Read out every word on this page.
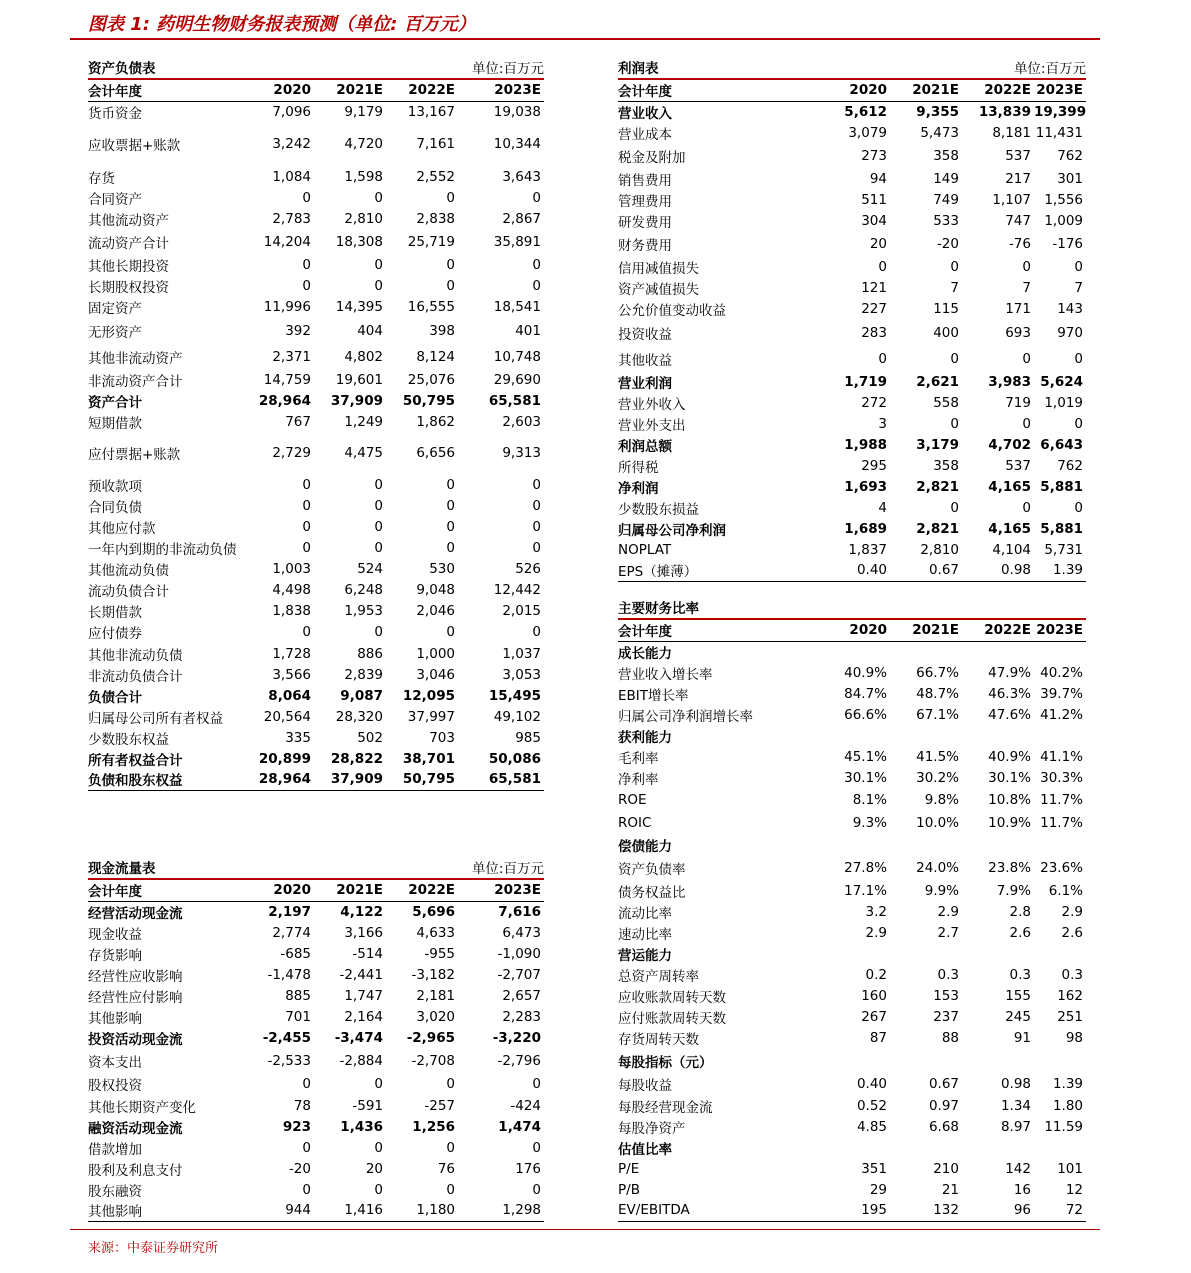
图表 1: 药明生物财务报表预测（单位: 百万元）
资产负债表	单位:百万元
会计年度	2020	2021E	2022E	2023E
货币资金	7,096	9,179	13,167	19,038
应收票据+账款	3,242	4,720	7,161	10,344
存货	1,084	1,598	2,552	3,643
合同资产	0	0	0	0
其他流动资产	2,783	2,810	2,838	2,867
流动资产合计	14,204	18,308	25,719	35,891
其他长期投资	0	0	0	0
长期股权投资	0	0	0	0
固定资产	11,996	14,395	16,555	18,541
无形资产	392	404	398	401
其他非流动资产	2,371	4,802	8,124	10,748
非流动资产合计	14,759	19,601	25,076	29,690
资产合计	28,964	37,909	50,795	65,581
短期借款	767	1,249	1,862	2,603
应付票据+账款	2,729	4,475	6,656	9,313
预收款项	0	0	0	0
合同负债	0	0	0	0
其他应付款	0	0	0	0
一年内到期的非流动负债	0	0	0	0
其他流动负债	1,003	524	530	526
流动负债合计	4,498	6,248	9,048	12,442
长期借款	1,838	1,953	2,046	2,015
应付债券	0	0	0	0
其他非流动负债	1,728	886	1,000	1,037
非流动负债合计	3,566	2,839	3,046	3,053
负债合计	8,064	9,087	12,095	15,495
归属母公司所有者权益	20,564	28,320	37,997	49,102
少数股东权益	335	502	703	985
所有者权益合计	20,899	28,822	38,701	50,086
负债和股东权益	28,964	37,909	50,795	65,581
现金流量表	单位:百万元
会计年度	2020	2021E	2022E	2023E
经营活动现金流	2,197	4,122	5,696	7,616
现金收益	2,774	3,166	4,633	6,473
存货影响	-685	-514	-955	-1,090
经营性应收影响	-1,478	-2,441	-3,182	-2,707
经营性应付影响	885	1,747	2,181	2,657
其他影响	701	2,164	3,020	2,283
投资活动现金流	-2,455	-3,474	-2,965	-3,220
资本支出	-2,533	-2,884	-2,708	-2,796
股权投资	0	0	0	0
其他长期资产变化	78	-591	-257	-424
融资活动现金流	923	1,436	1,256	1,474
借款增加	0	0	0	0
股利及利息支付	-20	20	76	176
股东融资	0	0	0	0
其他影响	944	1,416	1,180	1,298
利润表	单位:百万元
会计年度	2020	2021E	2022E	2023E
营业收入	5,612	9,355	13,839	19,399
营业成本	3,079	5,473	8,181	11,431
税金及附加	273	358	537	762
销售费用	94	149	217	301
管理费用	511	749	1,107	1,556
研发费用	304	533	747	1,009
财务费用	20	-20	-76	-176
信用减值损失	0	0	0	0
资产减值损失	121	7	7	7
公允价值变动收益	227	115	171	143
投资收益	283	400	693	970
其他收益	0	0	0	0
营业利润	1,719	2,621	3,983	5,624
营业外收入	272	558	719	1,019
营业外支出	3	0	0	0
利润总额	1,988	3,179	4,702	6,643
所得税	295	358	537	762
净利润	1,693	2,821	4,165	5,881
少数股东损益	4	0	0	0
归属母公司净利润	1,689	2,821	4,165	5,881
NOPLAT	1,837	2,810	4,104	5,731
EPS（摊薄）	0.40	0.67	0.98	1.39
主要财务比率
会计年度	2020	2021E	2022E	2023E
成长能力				
营业收入增长率	40.9%	66.7%	47.9%	40.2%
EBIT增长率	84.7%	48.7%	46.3%	39.7%
归属公司净利润增长率	66.6%	67.1%	47.6%	41.2%
获利能力				
毛利率	45.1%	41.5%	40.9%	41.1%
净利率	30.1%	30.2%	30.1%	30.3%
ROE	8.1%	9.8%	10.8%	11.7%
ROIC	9.3%	10.0%	10.9%	11.7%
偿债能力				
资产负债率	27.8%	24.0%	23.8%	23.6%
债务权益比	17.1%	9.9%	7.9%	6.1%
流动比率	3.2	2.9	2.8	2.9
速动比率	2.9	2.7	2.6	2.6
营运能力				
总资产周转率	0.2	0.3	0.3	0.3
应收账款周转天数	160	153	155	162
应付账款周转天数	267	237	245	251
存货周转天数	87	88	91	98
每股指标（元）				
每股收益	0.40	0.67	0.98	1.39
每股经营现金流	0.52	0.97	1.34	1.80
每股净资产	4.85	6.68	8.97	11.59
估值比率				
P/E	351	210	142	101
P/B	29	21	16	12
EV/EBITDA	195	132	96	72
来源：中泰证券研究所
